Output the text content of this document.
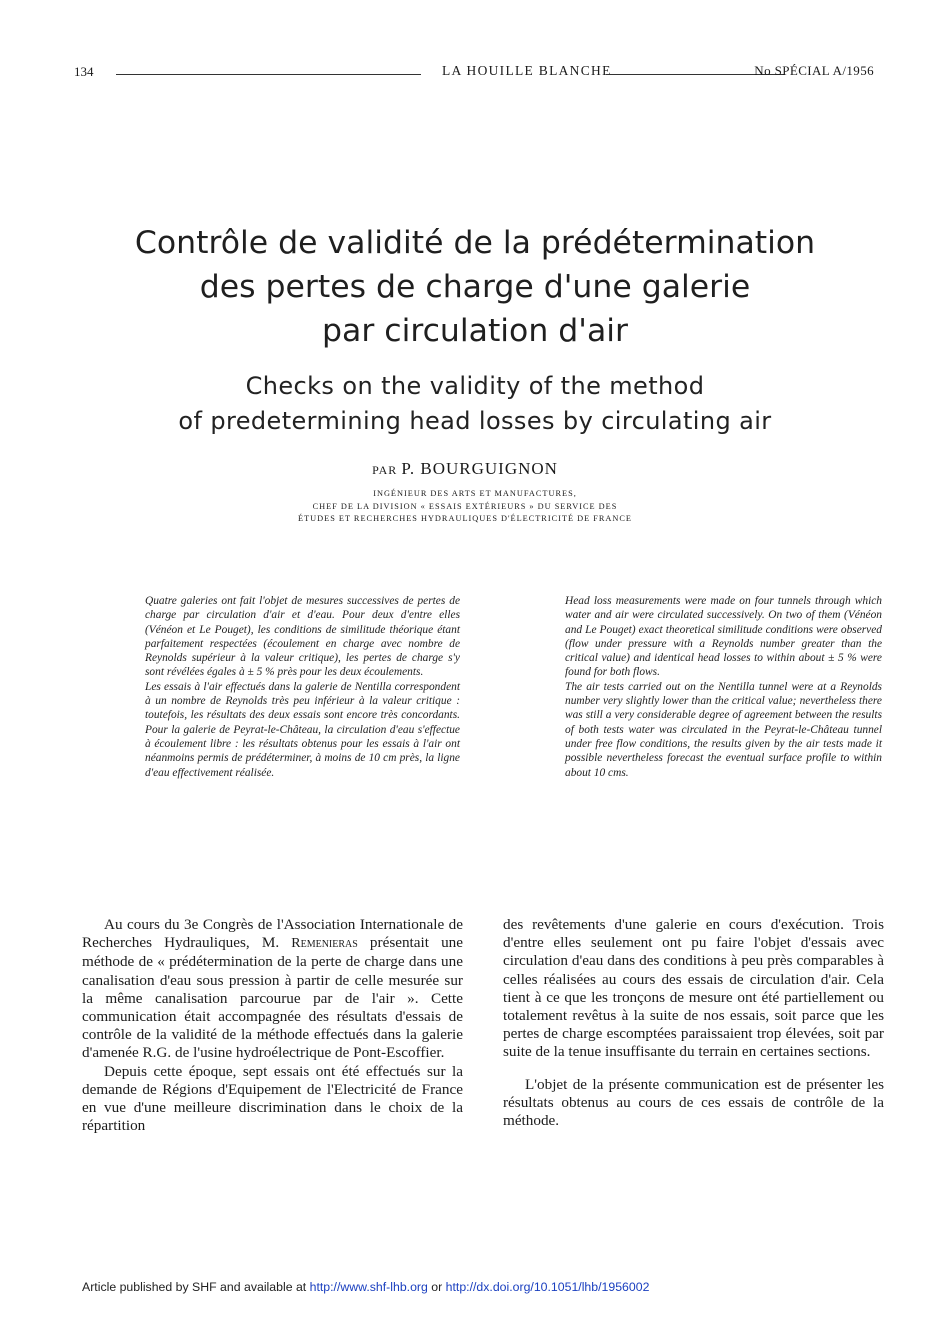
134	LA HOUILLE BLANCHE	No SPÉCIAL A/1956
Contrôle de validité de la prédétermination
des pertes de charge d'une galerie
par circulation d'air
Checks on the validity of the method
of predetermining head losses by circulating air
PAR P. BOURGUIGNON
INGÉNIEUR DES ARTS ET MANUFACTURES,
CHEF DE LA DIVISION « ESSAIS EXTÉRIEURS » DU SERVICE DES
ÉTUDES ET RECHERCHES HYDRAULIQUES D'ÉLECTRICITÉ DE FRANCE

Quatre galeries ont fait l'objet de mesures successives de pertes de charge par circulation d'air et d'eau. Pour deux d'entre elles (Vénéon et Le Pouget), les conditions de similitude théorique étant parfaitement respectées (écoulement en charge avec nombre de Reynolds supérieur à la valeur critique), les pertes de charge s'y sont révélées égales à ± 5 % près pour les deux écoulements.

Les essais à l'air effectués dans la galerie de Nentilla correspondent à un nombre de Reynolds très peu inférieur à la valeur critique : toutefois, les résultats des deux essais sont encore très concordants. Pour la galerie de Peyrat-le-Château, la circulation d'eau s'effectue à écoulement libre : les résultats obtenus pour les essais à l'air ont néanmoins permis de prédéterminer, à moins de 10 cm près, la ligne d'eau effectivement réalisée.

Head loss measurements were made on four tunnels through which water and air were circulated successively. On two of them (Vénéon and Le Pouget) exact theoretical similitude conditions were observed (flow under pressure with a Reynolds number greater than the critical value) and identical head losses to within about ± 5 % were found for both flows.

The air tests carried out on the Nentilla tunnel were at a Reynolds number very slightly lower than the critical value; nevertheless there was still a very considerable degree of agreement between the results of both tests water was circulated in the Peyrat-le-Château tunnel under free flow conditions, the results given by the air tests made it possible nevertheless forecast the eventual surface profile to within about 10 cms.

Au cours du 3e Congrès de l'Association Internationale de Recherches Hydrauliques, M. Remenieras présentait une méthode de « prédétermination de la perte de charge dans une canalisation d'eau sous pression à partir de celle mesurée sur la même canalisation parcourue par de l'air ». Cette communication était accompagnée des résultats d'essais de contrôle de la validité de la méthode effectués dans la galerie d'amenée R.G. de l'usine hydroélectrique de Pont-Escoffier.

Depuis cette époque, sept essais ont été effectués sur la demande de Régions d'Equipement de l'Electricité de France en vue d'une meilleure discrimination dans le choix de la répartition

des revêtements d'une galerie en cours d'exécution. Trois d'entre elles seulement ont pu faire l'objet d'essais avec circulation d'eau dans des conditions à peu près comparables à celles réalisées au cours des essais de circulation d'air. Cela tient à ce que les tronçons de mesure ont été partiellement ou totalement revêtus à la suite de nos essais, soit parce que les pertes de charge escomptées paraissaient trop élevées, soit par suite de la tenue insuffisante du terrain en certaines sections.

L'objet de la présente communication est de présenter les résultats obtenus au cours de ces essais de contrôle de la méthode.

Article published by SHF and available at http://www.shf-lhb.org or http://dx.doi.org/10.1051/lhb/1956002
